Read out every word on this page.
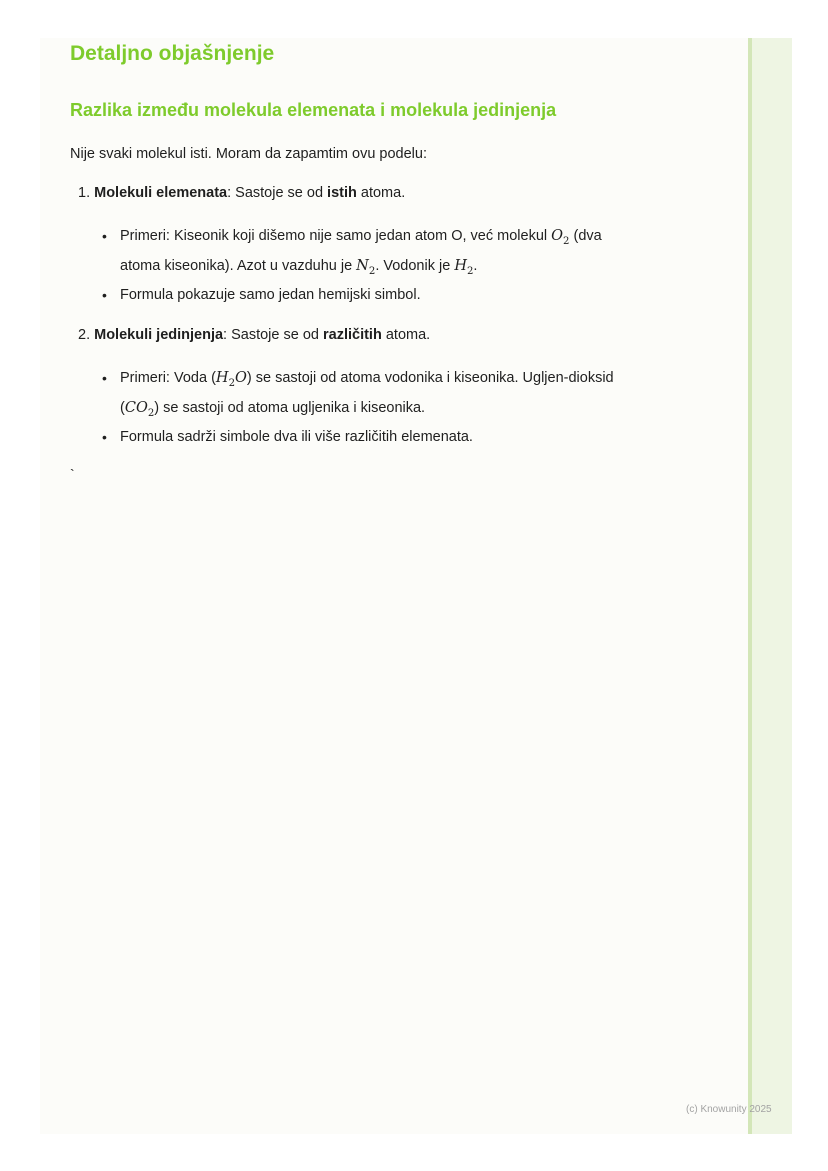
Detaljno objašnjenje
Razlika između molekula elemenata i molekula jedinjenja
Nije svaki molekul isti. Moram da zapamtim ovu podelu:
1. Molekuli elemenata: Sastoje se od istih atoma.
• Primeri: Kiseonik koji dišemo nije samo jedan atom O, već molekul $O_2$ (dva atoma kiseonika). Azot u vazduhu je $N_2$. Vodonik je $H_2$.
• Formula pokazuje samo jedan hemijski simbol.
2. Molekuli jedinjenja: Sastoje se od različitih atoma.
• Primeri: Voda $(H_2O)$ se sastoji od atoma vodonika i kiseonika. Ugljen-dioksid $(CO_2)$ se sastoji od atoma ugljenika i kiseonika.
• Formula sadrži simbole dva ili više različitih elemenata.
`
(c) Knowunity 2025
